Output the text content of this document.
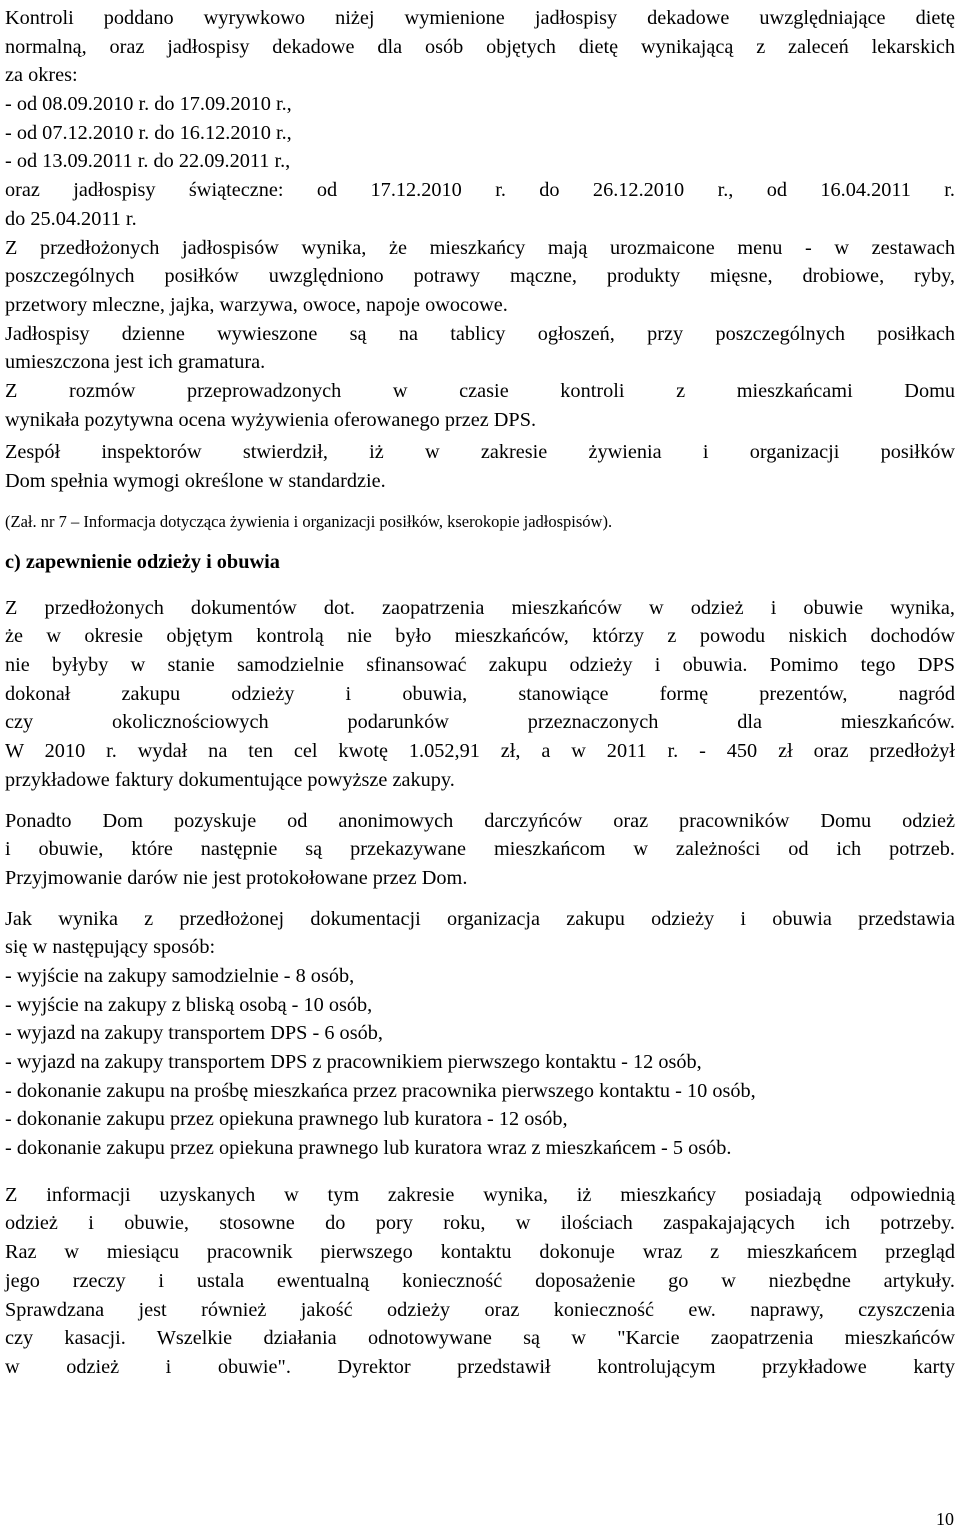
Kontroli poddano wyrywkowo niżej wymienione jadłospisy dekadowe uwzględniające dietę
normalną, oraz jadłospisy dekadowe dla osób objętych dietę wynikającą z zaleceń lekarskich
za okres:
- od 08.09.2010 r. do 17.09.2010 r.,
- od 07.12.2010 r. do 16.12.2010 r.,
- od 13.09.2011 r. do 22.09.2011 r.,
oraz jadłospisy świąteczne: od 17.12.2010 r. do 26.12.2010 r., od 16.04.2011 r.
do 25.04.2011 r.
Z przedłożonych jadłospisów wynika, że mieszkańcy mają urozmaicone menu - w zestawach
poszczególnych posiłków uwzględniono potrawy mączne, produkty mięsne, drobiowe, ryby,
przetwory mleczne, jajka, warzywa, owoce, napoje owocowe.
Jadłospisy dzienne wywieszone są na tablicy ogłoszeń, przy poszczególnych posiłkach
umieszczona jest ich gramatura.
Z rozmów przeprowadzonych w czasie kontroli z mieszkańcami Domu
wynikała pozytywna ocena wyżywienia oferowanego przez DPS.
Zespół inspektorów stwierdził, iż w zakresie żywienia i organizacji posiłków
Dom spełnia wymogi określone w standardzie.
(Zał. nr 7 – Informacja dotycząca żywienia i organizacji posiłków, kserokopie jadłospisów).
c) zapewnienie odzieży i obuwia
Z przedłożonych dokumentów dot. zaopatrzenia mieszkańców w odzież i obuwie wynika,
że w okresie objętym kontrolą nie było mieszkańców, którzy z powodu niskich dochodów
nie byłyby w stanie samodzielnie sfinansować zakupu odzieży i obuwia. Pomimo tego DPS
dokonał zakupu odzieży i obuwia, stanowiące formę prezentów, nagród
czy okolicznościowych podarunków przeznaczonych dla mieszkańców.
W 2010 r. wydał na ten cel kwotę 1.052,91 zł, a w 2011 r. - 450 zł oraz przedłożył
przykładowe faktury dokumentujące powyższe zakupy.
Ponadto Dom pozyskuje od anonimowych darczyńców oraz pracowników Domu odzież
i obuwie, które następnie są przekazywane mieszkańcom w zależności od ich potrzeb.
Przyjmowanie darów nie jest protokołowane przez Dom.
Jak wynika z przedłożonej dokumentacji organizacja zakupu odzieży i obuwia przedstawia
się w następujący sposób:
- wyjście na zakupy samodzielnie - 8 osób,
- wyjście na zakupy z bliską osobą - 10 osób,
- wyjazd na zakupy transportem DPS - 6 osób,
- wyjazd na zakupy transportem DPS z pracownikiem pierwszego kontaktu - 12 osób,
- dokonanie zakupu na prośbę mieszkańca przez pracownika pierwszego kontaktu - 10 osób,
- dokonanie zakupu przez opiekuna prawnego lub kuratora - 12 osób,
- dokonanie zakupu przez opiekuna prawnego lub kuratora wraz z mieszkańcem - 5 osób.
Z informacji uzyskanych w tym zakresie wynika, iż mieszkańcy posiadają odpowiednią
odzież i obuwie, stosowne do pory roku, w ilościach zaspakajających ich potrzeby.
Raz w miesiącu pracownik pierwszego kontaktu dokonuje wraz z mieszkańcem przegląd
jego rzeczy i ustala ewentualną konieczność doposażenie go w niezbędne artykuły.
Sprawdzana jest również jakość odzieży oraz konieczność ew. naprawy, czyszczenia
czy kasacji. Wszelkie działania odnotowywane są w "Karcie zaopatrzenia mieszkańców
w odzież i obuwie". Dyrektor przedstawił kontrolującym przykładowe karty
10
